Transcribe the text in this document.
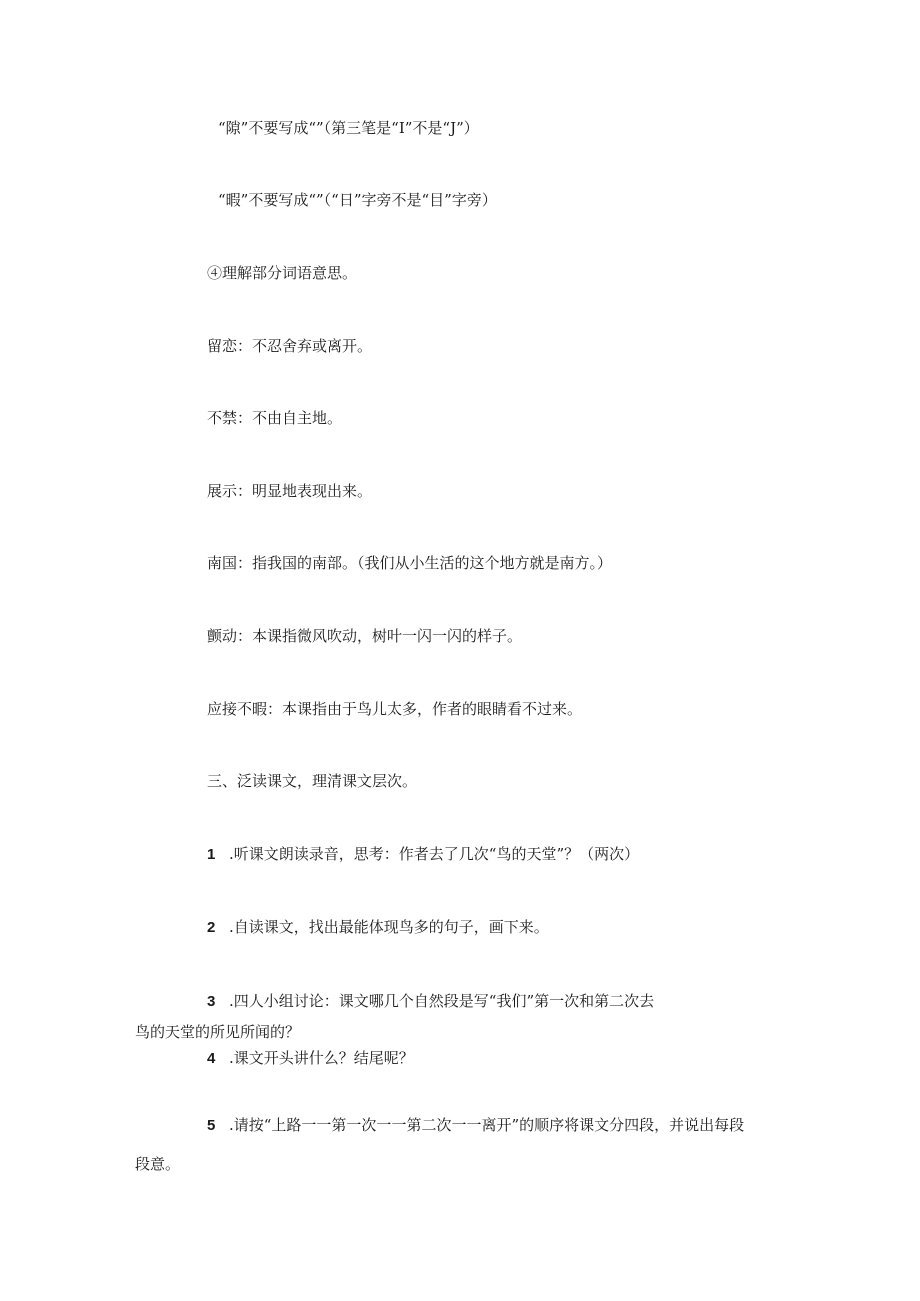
“隙”不要写成“”（第三笔是“I”不是“J”）
“暇”不要写成“”（“日”字旁不是“目”字旁）
④理解部分词语意思。
留恋：不忍舍弃或离开。
不禁：不由自主地。
展示：明显地表现出来。
南国：指我国的南部。（我们从小生活的这个地方就是南方。）
颤动：本课指微风吹动，树叶一闪一闪的样子。
应接不暇：本课指由于鸟儿太多，作者的眼睛看不过来。
三、泛读课文，理清课文层次。
1 .听课文朗读录音，思考：作者去了几次“鸟的天堂”？（两次）
2 .自读课文，找出最能体现鸟多的句子，画下来。
3 .四人小组讨论：课文哪几个自然段是写“我们”第一次和第二次去
鸟的天堂的所见所闻的？
4 .课文开头讲什么？结尾呢？
5 .请按“上路一一第一次一一第二次一一离开”的顺序将课文分四段，并说出每段
段意。
